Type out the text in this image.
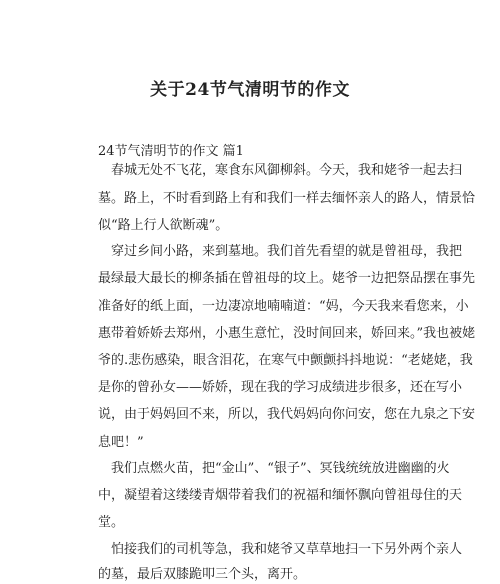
关于24节气清明节的作文
24节气清明节的作文 篇1
　春城无处不飞花，寒食东风御柳斜。今天，我和姥爷一起去扫
墓。路上，不时看到路上有和我们一样去缅怀亲人的路人，情景恰
似“路上行人欲断魂”。
　穿过乡间小路，来到墓地。我们首先看望的就是曾祖母，我把
最绿最大最长的柳条插在曾祖母的坟上。姥爷一边把祭品摆在事先
准备好的纸上面，一边凄凉地喃喃道：“妈，今天我来看您来，小
惠带着娇娇去郑州，小惠生意忙，没时间回来，娇回来。”我也被姥
爷的.悲伤感染，眼含泪花，在寒气中颤颤抖抖地说：“老姥姥，我
是你的曾孙女——娇娇，现在我的学习成绩进步很多，还在写小
说，由于妈妈回不来，所以，我代妈妈向你问安，您在九泉之下安
息吧！”
　我们点燃火苗，把“金山”、“银子”、冥钱统统放进幽幽的火
中，凝望着这缕缕青烟带着我们的祝福和缅怀飘向曾祖母住的天
堂。
　怕接我们的司机等急，我和姥爷又草草地扫一下另外两个亲人
的墓，最后双膝跪叩三个头，离开。
